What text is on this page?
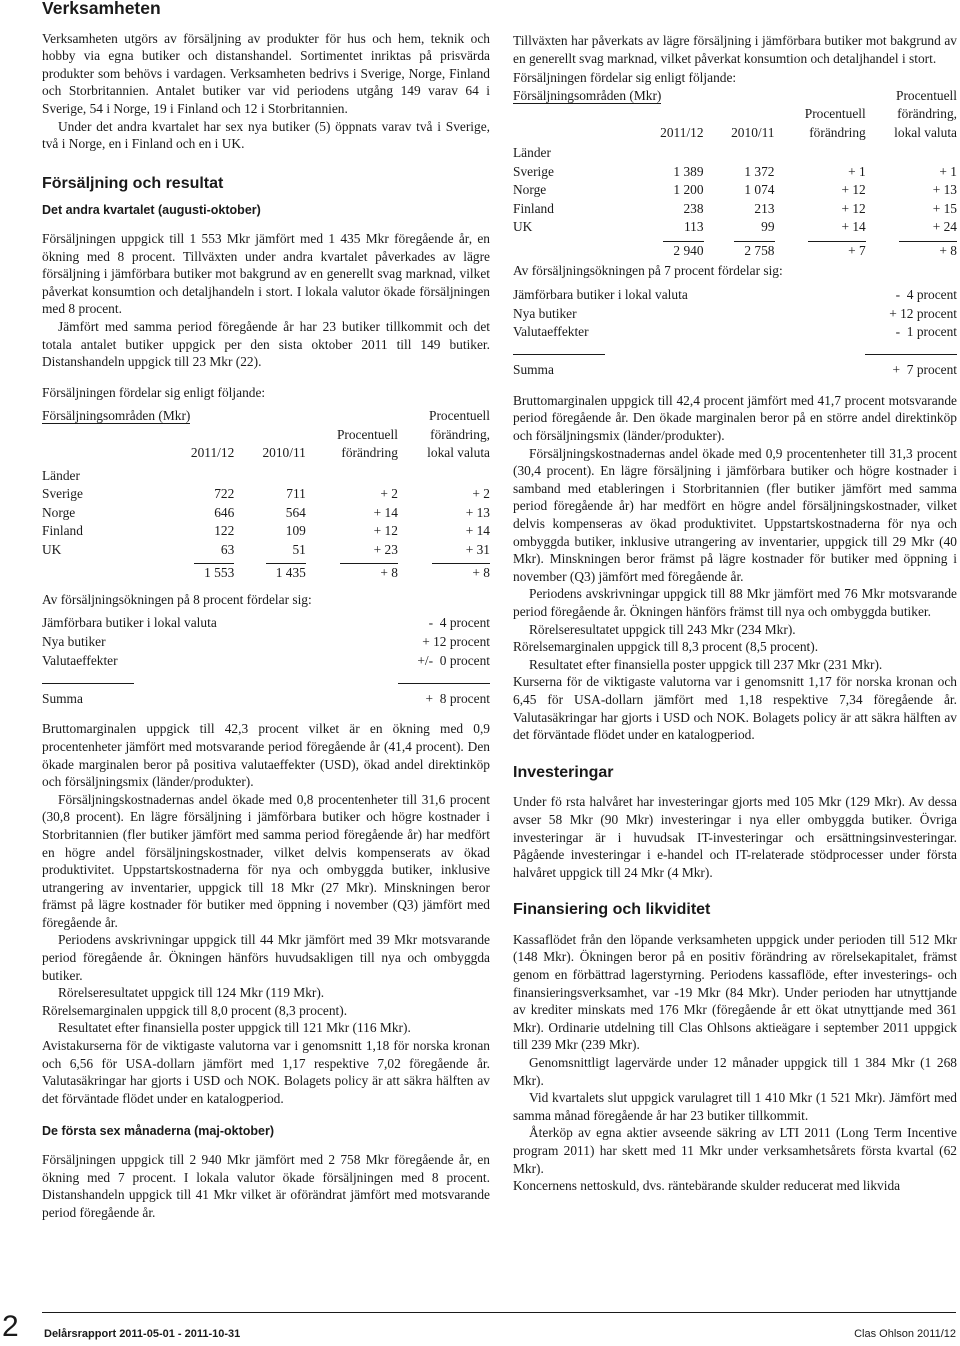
Verksamheten

Verksamheten utgörs av försäljning av produkter för hus och hem, teknik och hobby via egna butiker och distanshandel. Sortimentet inriktas på prisvärda produkter som behövs i vardagen. Verksamheten bedrivs i Sverige, Norge, Finland och Storbritannien. Antalet butiker var vid periodens utgång 149 varav 64 i Sverige, 54 i Norge, 19 i Finland och 12 i Storbritannien.

Under det andra kvartalet har sex nya butiker (5) öppnats varav två i Sverige, två i Norge, en i Finland och en i UK.

Försäljning och resultat
Det andra kvartalet (augusti-oktober)

Försäljningen uppgick till 1 553 Mkr jämfört med 1 435 Mkr föregående år, en ökning med 8 procent. Tillväxten under andra kvartalet påverkades av lägre försäljning i jämförbara butiker mot bakgrund av en generellt svag marknad, vilket påverkat konsumtion och detaljhandeln i stort. I lokala valutor ökade försäljningen med 8 procent.

Jämfört med samma period föregående år har 23 butiker tillkommit och det totala antalet butiker uppgick per den sista oktober 2011 till 149 butiker. Distanshandeln uppgick till 23 Mkr (22).

Försäljningen fördelar sig enligt följande:

Försäljningsområden (Mkr)				Procentuell
			Procentuell	förändring,
	2011/12	2010/11	förändring	lokal valuta
Länder				
Sverige	722	711	+ 2	+ 2
Norge	646	564	+ 14	+ 13
Finland	122	109	+ 12	+ 14
UK	63	51	+ 23	+ 31
	1 553	1 435	+ 8	+ 8

Av försäljningsökningen på 8 procent fördelar sig:

Jämförbara butiker i lokal valuta	-  4 procent
Nya butiker	+ 12 procent
Valutaeffekter	+/-  0 procent

Summa	+  8 procent

Bruttomarginalen uppgick till 42,3 procent vilket är en ökning med 0,9 procentenheter jämfört med motsvarande period föregående år (41,4 procent). Den ökade marginalen beror på positiva valutaeffekter (USD), ökad andel direktinköp och försäljningsmix (länder/produkter).

Försäljningskostnadernas andel ökade med 0,8 procentenheter till 31,6 procent (30,8 procent). En lägre försäljning i jämförbara butiker och högre kostnader i Storbritannien (fler butiker jämfört med samma period föregående år) har medfört en högre andel försäljningskostnader, vilket delvis kompenserats av ökad produktivitet. Uppstartskostnaderna för nya och ombyggda butiker, inklusive utrangering av inventarier, uppgick till 18 Mkr (27 Mkr). Minskningen beror främst på lägre kostnader för butiker med öppning i november (Q3) jämfört med föregående år.

Periodens avskrivningar uppgick till 44 Mkr jämfört med 39 Mkr motsvarande period föregående år. Ökningen hänförs huvudsakligen till nya och ombyggda butiker.

Rörelseresultatet uppgick till 124 Mkr (119 Mkr).

Rörelsemarginalen uppgick till 8,0 procent (8,3 procent).

Resultatet efter finansiella poster uppgick till 121 Mkr (116 Mkr).

Avistakurserna för de viktigaste valutorna var i genomsnitt 1,18 för norska kronan och 6,56 för USA-dollarn jämfört med 1,17 respektive 7,02 föregående år. Valutasäkringar har gjorts i USD och NOK. Bolagets policy är att säkra hälften av det förväntade flödet under en katalogperiod.

De första sex månaderna (maj-oktober)

Försäljningen uppgick till 2 940 Mkr jämfört med 2 758 Mkr föregående år, en ökning med 7 procent. I lokala valutor ökade försäljningen med 8 procent. Distanshandeln uppgick till 41 Mkr vilket är oförändrat jämfört med motsvarande period föregående år.

Tillväxten har påverkats av lägre försäljning i jämförbara butiker mot bakgrund av en generellt svag marknad, vilket påverkat konsumtion och detaljhandel i stort.

Försäljningen fördelar sig enligt följande:

Försäljningsområden (Mkr)				Procentuell
			Procentuell	förändring,
	2011/12	2010/11	förändring	lokal valuta
Länder				
Sverige	1 389	1 372	+ 1	+ 1
Norge	1 200	1 074	+ 12	+ 13
Finland	238	213	+ 12	+ 15
UK	113	99	+ 14	+ 24
	2 940	2 758	+ 7	+ 8

Av försäljningsökningen på 7 procent fördelar sig:

Jämförbara butiker i lokal valuta	-  4 procent
Nya butiker	+ 12 procent
Valutaeffekter	-  1 procent

Summa	+  7 procent

Bruttomarginalen uppgick till 42,4 procent jämfört med 41,7 procent motsvarande period föregående år. Den ökade marginalen beror på en större andel direktinköp och försäljningsmix (länder/produkter).

Försäljningskostnadernas andel ökade med 0,9 procentenheter till 31,3 procent (30,4 procent). En lägre försäljning i jämförbara butiker och högre kostnader i samband med etableringen i Storbritannien (fler butiker jämfört med samma period föregående år) har medfört en högre andel försäljningskostnader, vilket delvis kompenseras av ökad produktivitet. Uppstartskostnaderna för nya och ombyggda butiker, inklusive utrangering av inventarier, uppgick till 29 Mkr (40 Mkr). Minskningen beror främst på lägre kostnader för butiker med öppning i november (Q3) jämfört med föregående år.

Periodens avskrivningar uppgick till 88 Mkr jämfört med 76 Mkr motsvarande period föregående år. Ökningen hänförs främst till nya och ombyggda butiker.

Rörelseresultatet uppgick till 243 Mkr (234 Mkr).

Rörelsemarginalen uppgick till 8,3 procent (8,5 procent).

Resultatet efter finansiella poster uppgick till 237 Mkr (231 Mkr).

Kurserna för de viktigaste valutorna var i genomsnitt 1,17 för norska kronan och 6,45 för USA-dollarn jämfört med 1,18 respektive 7,34 föregående år. Valutasäkringar har gjorts i USD och NOK. Bolagets policy är att säkra hälften av det förväntade flödet under en katalogperiod.

Investeringar

Under fö rsta halvåret har investeringar gjorts med 105 Mkr (129 Mkr). Av dessa avser 58 Mkr (90 Mkr) investeringar i nya eller ombyggda butiker. Övriga investeringar är i huvudsak IT-investeringar och ersättningsinvesteringar. Pågående investeringar i e-handel och IT-relaterade stödprocesser under första halvåret uppgick till 24 Mkr (4 Mkr).

Finansiering och likviditet

Kassaflödet från den löpande verksamheten uppgick under perioden till 512 Mkr (148 Mkr). Ökningen beror på en positiv förändring av rörelsekapitalet, främst genom en förbättrad lagerstyrning. Periodens kassaflöde, efter investerings- och finansieringsverksamhet, var -19 Mkr (84 Mkr). Under perioden har utnyttjande av krediter minskats med 176 Mkr (föregående år ett ökat utnyttjande med 361 Mkr). Ordinarie utdelning till Clas Ohlsons aktieägare i september 2011 uppgick till 239 Mkr (239 Mkr).

Genomsnittligt lagervärde under 12 månader uppgick till 1 384 Mkr (1 268 Mkr).

Vid kvartalets slut uppgick varulagret till 1 410 Mkr (1 521 Mkr). Jämfört med samma månad föregående år har 23 butiker tillkommit.

Återköp av egna aktier avseende säkring av LTI 2011 (Long Term Incentive program 2011) har skett med 11 Mkr under verksamhetsårets första kvartal (62 Mkr).

Koncernens nettoskuld, dvs. räntebärande skulder reducerat med likvida

2 Delårsrapport 2011-05-01 - 2011-10-31	Clas Ohlson 2011/12
